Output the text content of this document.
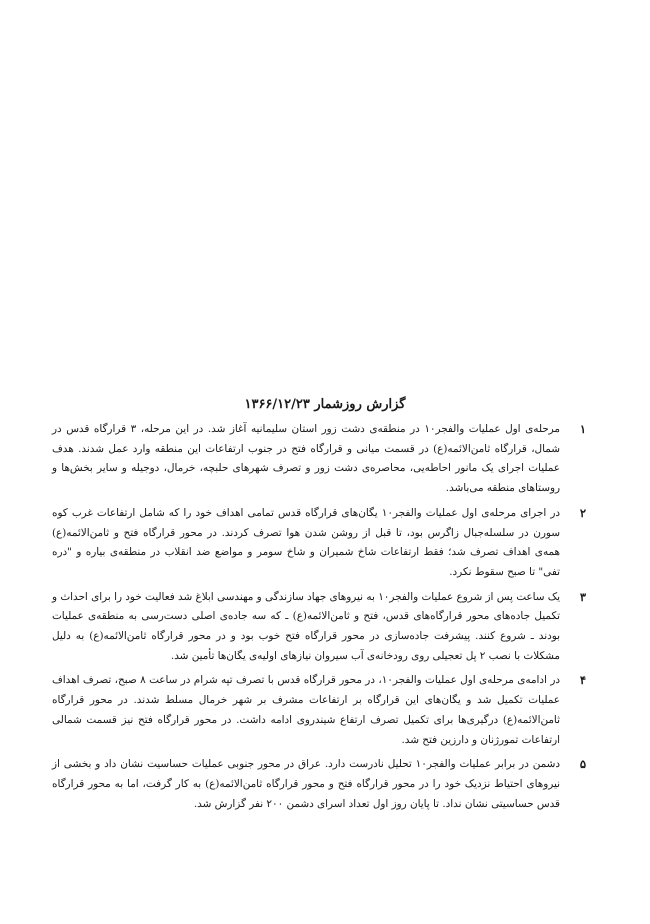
گزارش روزشمار ۱۳۶۶/۱۲/۲۳
۱

مرحله‌ی اول عملیات والفجر۱۰ در منطقه‌ی دشت زور استان سلیمانیه آغاز شد. در این مرحله، ۳ قرارگاه قدس در شمال، قرارگاه ثامن‌الائمه(ع) در قسمت میانی و قرارگاه فتح در جنوب ارتفاعات این منطقه وارد عمل شدند. هدف عملیات اجرای یک مانور احاطه‌یی، محاصره‌ی دشت زور و تصرف شهرهای حلبچه، خرمال، دوجیله و سایر بخش‌ها و روستاهای منطقه می‌باشد.

۲

در اجرای مرحله‌ی اول عملیات والفجر۱۰ یگان‌های قرارگاه قدس تمامی اهداف خود را که شامل ارتفاعات غرب کوه سورن در سلسله‌جبال زاگرس بود، تا قبل از روشن شدن هوا تصرف کردند. در محور قرارگاه فتح و ثامن‌الائمه(ع) همه‌ی اهداف تصرف شد؛ فقط ارتفاعات شاخ شمیران و شاخ سومر و مواضع ضد انقلاب در منطقه‌ی بیاره و "دره تفی" تا صبح سقوط نکرد.

۳

یک ساعت پس از شروع عملیات والفجر۱۰ به نیروهای جهاد سازندگی و مهندسی ابلاغ شد فعالیت خود را برای احداث و تکمیل جاده‌های محور قرارگاه‌های قدس، فتح و ثامن‌الائمه(ع) ـ که سه جاده‌ی اصلی دست‌رسی به منطقه‌ی عملیات بودند ـ شروع کنند. پیشرفت جاده‌سازی در محور قرارگاه فتح خوب بود و در محور قرارگاه ثامن‌الائمه(ع) به دلیل مشکلات با نصب ۲ پل تعجیلی روی رودخانه‌ی آب سیروان نیازهای اولیه‌ی یگان‌ها تأمین شد.

۴

در ادامه‌ی مرحله‌ی اول عملیات والفجر۱۰، در محور قرارگاه قدس با تصرف تپه شرام در ساعت ۸ صبح، تصرف اهداف عملیات تکمیل شد و یگان‌های این قرارگاه بر ارتفاعات مشرف بر شهر خرمال مسلط شدند. در محور قرارگاه ثامن‌الائمه(ع) درگیری‌ها برای تکمیل تصرف ارتفاع شیندروی ادامه داشت. در محور قرارگاه فتح نیز قسمت شمالی ارتفاعات تمورژنان و دارزین فتح شد.

۵

دشمن در برابر عملیات والفجر۱۰ تحلیل نادرست دارد. عراق در محور جنوبی عملیات حساسیت نشان داد و بخشی از نیروهای احتیاط نزدیک خود را در محور قرارگاه فتح و محور قرارگاه ثامن‌الائمه(ع) به کار گرفت، اما به محور قرارگاه قدس حساسیتی نشان نداد. تا پایان روز اول تعداد اسرای دشمن ۲۰۰ نفر گزارش شد.
